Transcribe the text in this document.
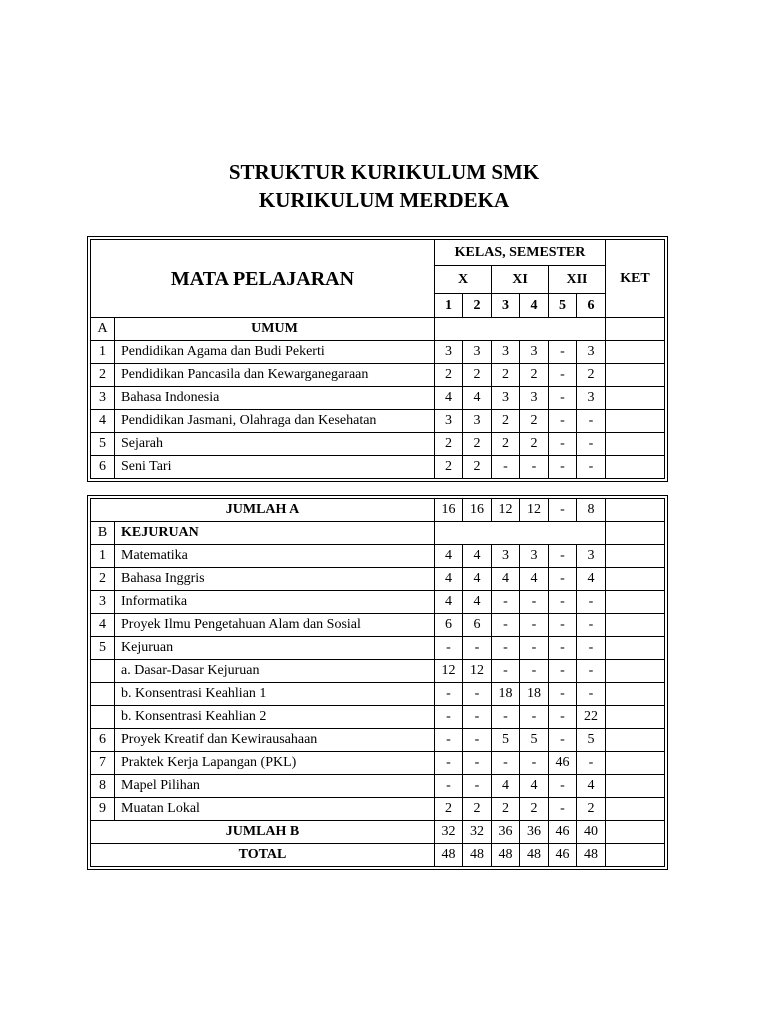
STRUKTUR KURIKULUM SMK
KURIKULUM MERDEKA
MATA PELAJARAN		KELAS, SEMESTER						KET
		X		XI		XII		
		1	2	3	4	5	6	
A	UMUM							
1	Pendidikan Agama dan Budi Pekerti	3	3	3	3	-	3	
2	Pendidikan Pancasila dan Kewarganegaraan	2	2	2	2	-	2	
3	Bahasa Indonesia	4	4	3	3	-	3	
4	Pendidikan Jasmani, Olahraga dan Kesehatan	3	3	2	2	-	-	
5	Sejarah	2	2	2	2	-	-	
6	Seni Tari	2	2	-	-	-	-	
JUMLAH A		16	16	12	12	-	8	
B	KEJURUAN							
1	Matematika	4	4	3	3	-	3	
2	Bahasa Inggris	4	4	4	4	-	4	
3	Informatika	4	4	-	-	-	-	
4	Proyek Ilmu Pengetahuan Alam dan Sosial	6	6	-	-	-	-	
5	Kejuruan	-	-	-	-	-	-	
	a. Dasar-Dasar Kejuruan	12	12	-	-	-	-	
	b. Konsentrasi Keahlian 1	-	-	18	18	-	-	
	b. Konsentrasi Keahlian 2	-	-	-	-	-	22	
6	Proyek Kreatif dan Kewirausahaan	-	-	5	5	-	5	
7	Praktek Kerja Lapangan (PKL)	-	-	-	-	46	-	
8	Mapel Pilihan	-	-	4	4	-	4	
9	Muatan Lokal	2	2	2	2	-	2	
JUMLAH B		32	32	36	36	46	40	
TOTAL		48	48	48	48	46	48	
